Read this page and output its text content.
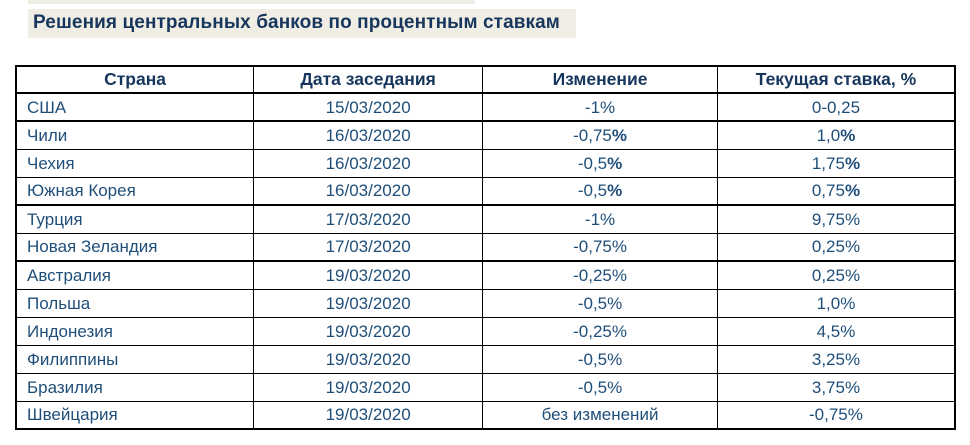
Решения центральных банков по процентным ставкам
Страна	Дата заседания	Изменение	Текущая ставка, %
США	15/03/2020	-1%	0-0,25
Чили	16/03/2020	-0,75%	1,0%
Чехия	16/03/2020	-0,5%	1,75%
Южная Корея	16/03/2020	-0,5%	0,75%
Турция	17/03/2020	-1%	9,75%
Новая Зеландия	17/03/2020	-0,75%	0,25%
Австралия	19/03/2020	-0,25%	0,25%
Польша	19/03/2020	-0,5%	1,0%
Индонезия	19/03/2020	-0,25%	4,5%
Филиппины	19/03/2020	-0,5%	3,25%
Бразилия	19/03/2020	-0,5%	3,75%
Швейцария	19/03/2020	без изменений	-0,75%
